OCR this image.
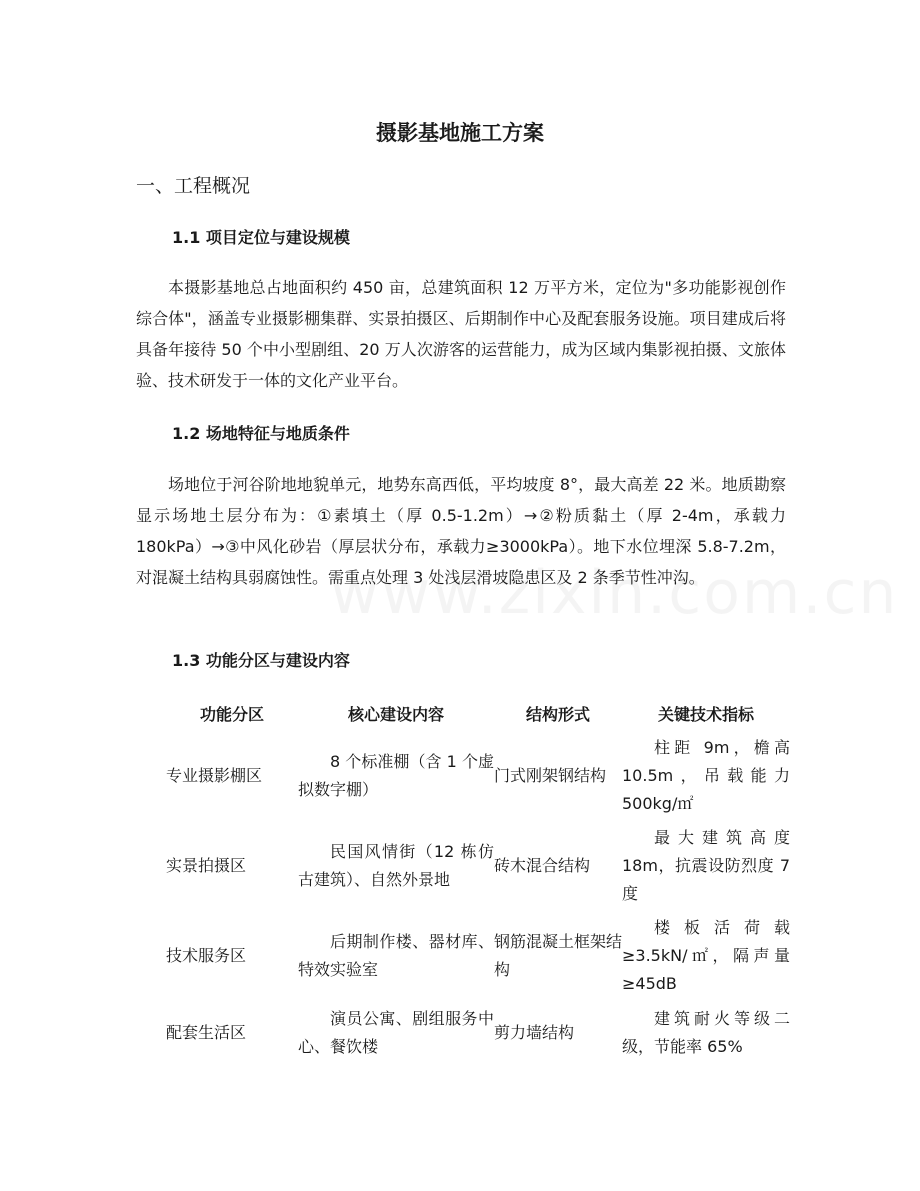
摄影基地施工方案
一、工程概况
1.1 项目定位与建设规模

本摄影基地总占地面积约 450 亩，总建筑面积 12 万平方米，定位为"多功能影视创作综合体"，涵盖专业摄影棚集群、实景拍摄区、后期制作中心及配套服务设施。项目建成后将具备年接待 50 个中小型剧组、20 万人次游客的运营能力，成为区域内集影视拍摄、文旅体验、技术研发于一体的文化产业平台。

1.2 场地特征与地质条件

场地位于河谷阶地地貌单元，地势东高西低，平均坡度 8°，最大高差 22 米。地质勘察显示场地土层分布为：①素填土（厚 0.5-1.2m）→②粉质黏土（厚 2-4m，承载力 180kPa）→③中风化砂岩（厚层状分布，承载力≥3000kPa）。地下水位埋深 5.8-7.2m，对混凝土结构具弱腐蚀性。需重点处理 3 处浅层滑坡隐患区及 2 条季节性冲沟。

1.3 功能分区与建设内容
功能分区	核心建设内容	结构形式	关键技术指标
专业摄影棚区	8 个标准棚（含 1 个虚拟数字棚）	门式刚架钢结构	柱距 9m，檐高 10.5m，吊载能力 500kg/㎡

实景拍摄区	民国风情街（12 栋仿古建筑）、自然外景地	砖木混合结构	最大建筑高度 18m，抗震设防烈度 7 度

技术服务区	后期制作楼、器材库、特效实验室	钢筋混凝土框架结构	楼板活荷载≥3.5kN/㎡，隔声量≥45dB

配套生活区	演员公寓、剧组服务中心、餐饮楼	剪力墙结构	建筑耐火等级二级，节能率 65%
